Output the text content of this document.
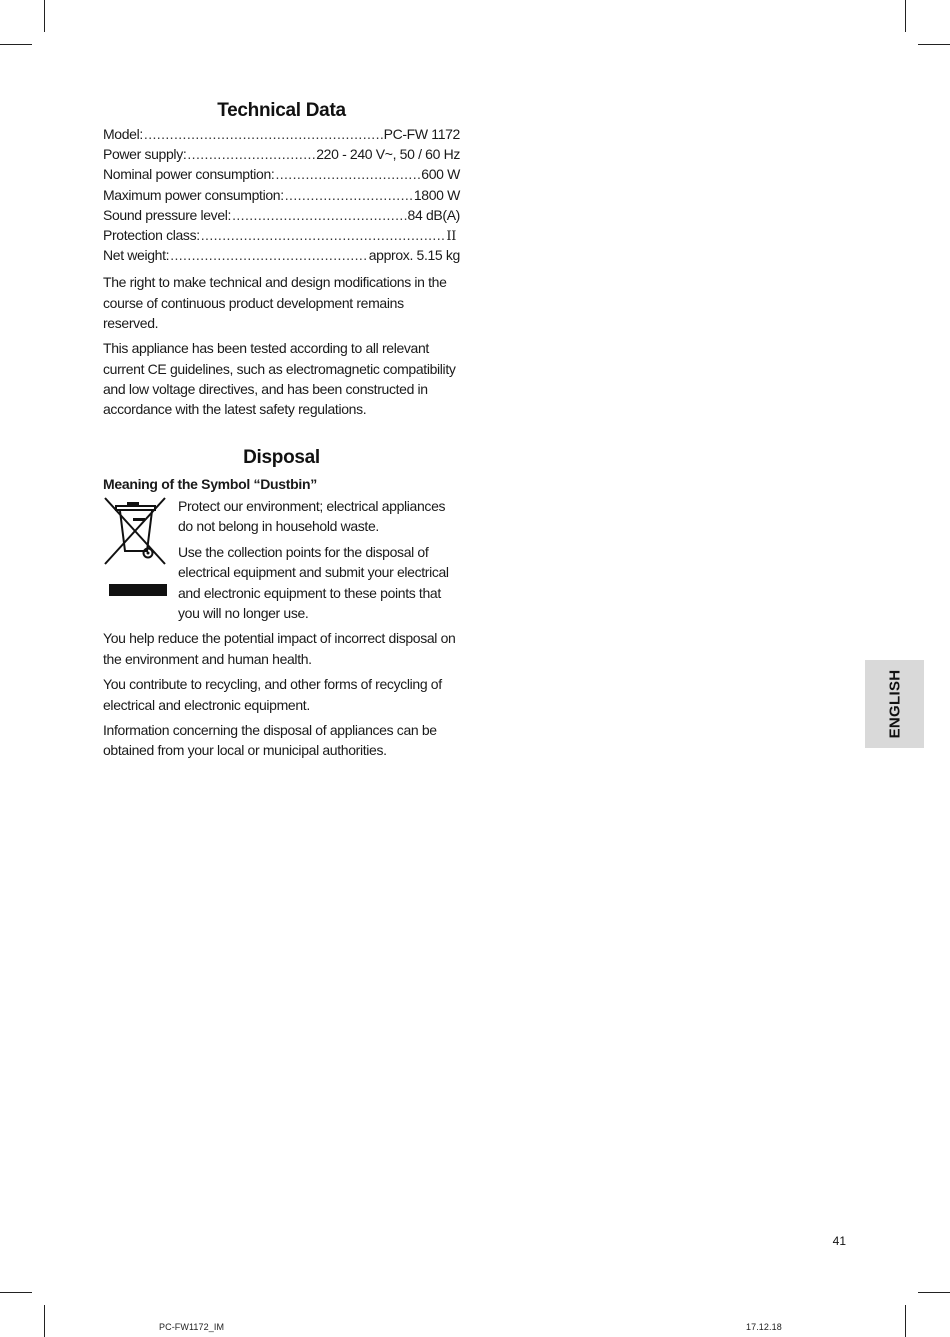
Technical Data
Model: .....	PC-FW 1172
Power supply: .....	220 - 240 V~, 50 / 60 Hz
Nominal power consumption: .....	600 W
Maximum power consumption: .....	1800 W
Sound pressure level: .....	84 dB(A)
Protection class: .....	II
Net weight: .....	approx. 5.15 kg

The right to make technical and design modifications in the course of continuous product development remains reserved.

This appliance has been tested according to all relevant current CE guidelines, such as electromagnetic compatibility and low voltage directives, and has been constructed in accordance with the latest safety regulations.

Disposal
Meaning of the Symbol “Dustbin”

Protect our environment; electrical appliances do not belong in household waste.

Use the collection points for the disposal of electrical equipment and submit your electrical and electronic equipment to these points that you will no longer use.

You help reduce the potential impact of incorrect disposal on the environment and human health.

You contribute to recycling, and other forms of recycling of electrical and electronic equipment.

Information concerning the disposal of appliances can be obtained from your local or municipal authorities.

ENGLISH
41
PC-FW1172_IM	17.12.18
